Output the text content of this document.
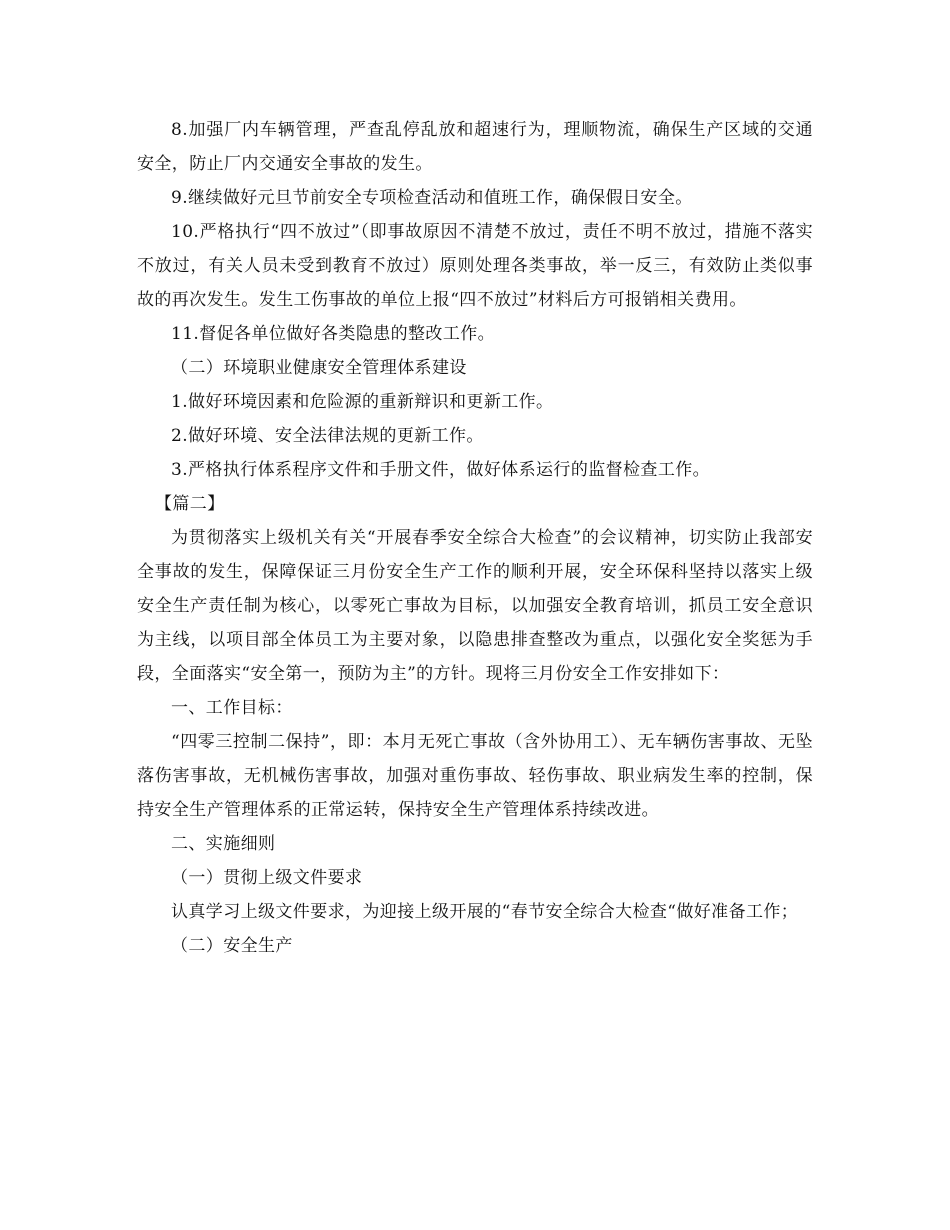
8.加强厂内车辆管理，严查乱停乱放和超速行为，理顺物流，确保生产区域的交通安全，防止厂内交通安全事故的发生。

9.继续做好元旦节前安全专项检查活动和值班工作，确保假日安全。

10.严格执行“四不放过”（即事故原因不清楚不放过，责任不明不放过，措施不落实不放过，有关人员未受到教育不放过）原则处理各类事故，举一反三，有效防止类似事故的再次发生。发生工伤事故的单位上报“四不放过”材料后方可报销相关费用。

11.督促各单位做好各类隐患的整改工作。

（二）环境职业健康安全管理体系建设

1.做好环境因素和危险源的重新辩识和更新工作。

2.做好环境、安全法律法规的更新工作。

3.严格执行体系程序文件和手册文件，做好体系运行的监督检查工作。

【篇二】

为贯彻落实上级机关有关“开展春季安全综合大检查”的会议精神，切实防止我部安全事故的发生，保障保证三月份安全生产工作的顺利开展，安全环保科坚持以落实上级安全生产责任制为核心，以零死亡事故为目标，以加强安全教育培训，抓员工安全意识为主线，以项目部全体员工为主要对象，以隐患排查整改为重点，以强化安全奖惩为手段，全面落实“安全第一，预防为主”的方针。现将三月份安全工作安排如下：

一、工作目标：

“四零三控制二保持”，即：本月无死亡事故（含外协用工）、无车辆伤害事故、无坠落伤害事故，无机械伤害事故，加强对重伤事故、轻伤事故、职业病发生率的控制，保持安全生产管理体系的正常运转，保持安全生产管理体系持续改进。

二、实施细则

（一）贯彻上级文件要求

认真学习上级文件要求，为迎接上级开展的“春节安全综合大检查“做好准备工作；

（二）安全生产
